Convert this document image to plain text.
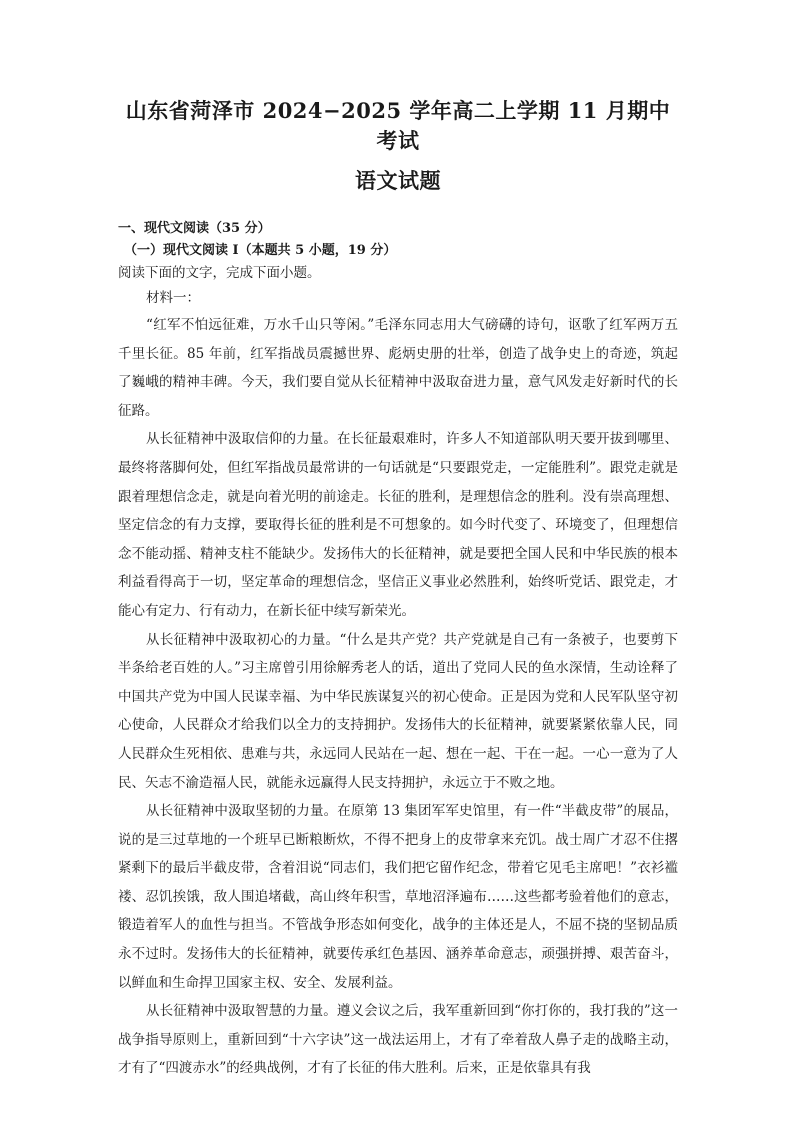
山东省菏泽市 2024−2025 学年高二上学期 11 月期中考试
语文试题

一、现代文阅读（35 分）

（一）现代文阅读 I（本题共 5 小题，19 分）

阅读下面的文字，完成下面小题。

材料一：

“红军不怕远征难，万水千山只等闲。”毛泽东同志用大气磅礴的诗句，讴歌了红军两万五千里长征。85 年前，红军指战员震撼世界、彪炳史册的壮举，创造了战争史上的奇迹，筑起了巍峨的精神丰碑。今天，我们要自觉从长征精神中汲取奋进力量，意气风发走好新时代的长征路。

从长征精神中汲取信仰的力量。在长征最艰难时，许多人不知道部队明天要开拔到哪里、最终将落脚何处，但红军指战员最常讲的一句话就是“只要跟党走，一定能胜利”。跟党走就是跟着理想信念走，就是向着光明的前途走。长征的胜利，是理想信念的胜利。没有崇高理想、坚定信念的有力支撑，要取得长征的胜利是不可想象的。如今时代变了、环境变了，但理想信念不能动摇、精神支柱不能缺少。发扬伟大的长征精神，就是要把全国人民和中华民族的根本利益看得高于一切，坚定革命的理想信念，坚信正义事业必然胜利，始终听党话、跟党走，才能心有定力、行有动力，在新长征中续写新荣光。

从长征精神中汲取初心的力量。“什么是共产党？共产党就是自己有一条被子，也要剪下半条给老百姓的人。”习主席曾引用徐解秀老人的话，道出了党同人民的鱼水深情，生动诠释了中国共产党为中国人民谋幸福、为中华民族谋复兴的初心使命。正是因为党和人民军队坚守初心使命，人民群众才给我们以全力的支持拥护。发扬伟大的长征精神，就要紧紧依靠人民，同人民群众生死相依、患难与共，永远同人民站在一起、想在一起、干在一起。一心一意为了人民、矢志不渝造福人民，就能永远赢得人民支持拥护，永远立于不败之地。

从长征精神中汲取坚韧的力量。在原第 13 集团军军史馆里，有一件“半截皮带”的展品，说的是三过草地的一个班早已断粮断炊，不得不把身上的皮带拿来充饥。战士周广才忍不住撂紧剩下的最后半截皮带，含着泪说“同志们，我们把它留作纪念，带着它见毛主席吧！”衣衫褴褛、忍饥挨饿，敌人围追堵截，高山终年积雪，草地沼泽遍布……这些都考验着他们的意志，锻造着军人的血性与担当。不管战争形态如何变化，战争的主体还是人，不屈不挠的坚韧品质永不过时。发扬伟大的长征精神，就要传承红色基因、涵养革命意志，顽强拼搏、艰苦奋斗，以鲜血和生命捍卫国家主权、安全、发展利益。

从长征精神中汲取智慧的力量。遵义会议之后，我军重新回到“你打你的，我打我的”这一战争指导原则上，重新回到“十六字诀”这一战法运用上，才有了牵着敌人鼻子走的战略主动，才有了“四渡赤水”的经典战例，才有了长征的伟大胜利。后来，正是依靠具有我
